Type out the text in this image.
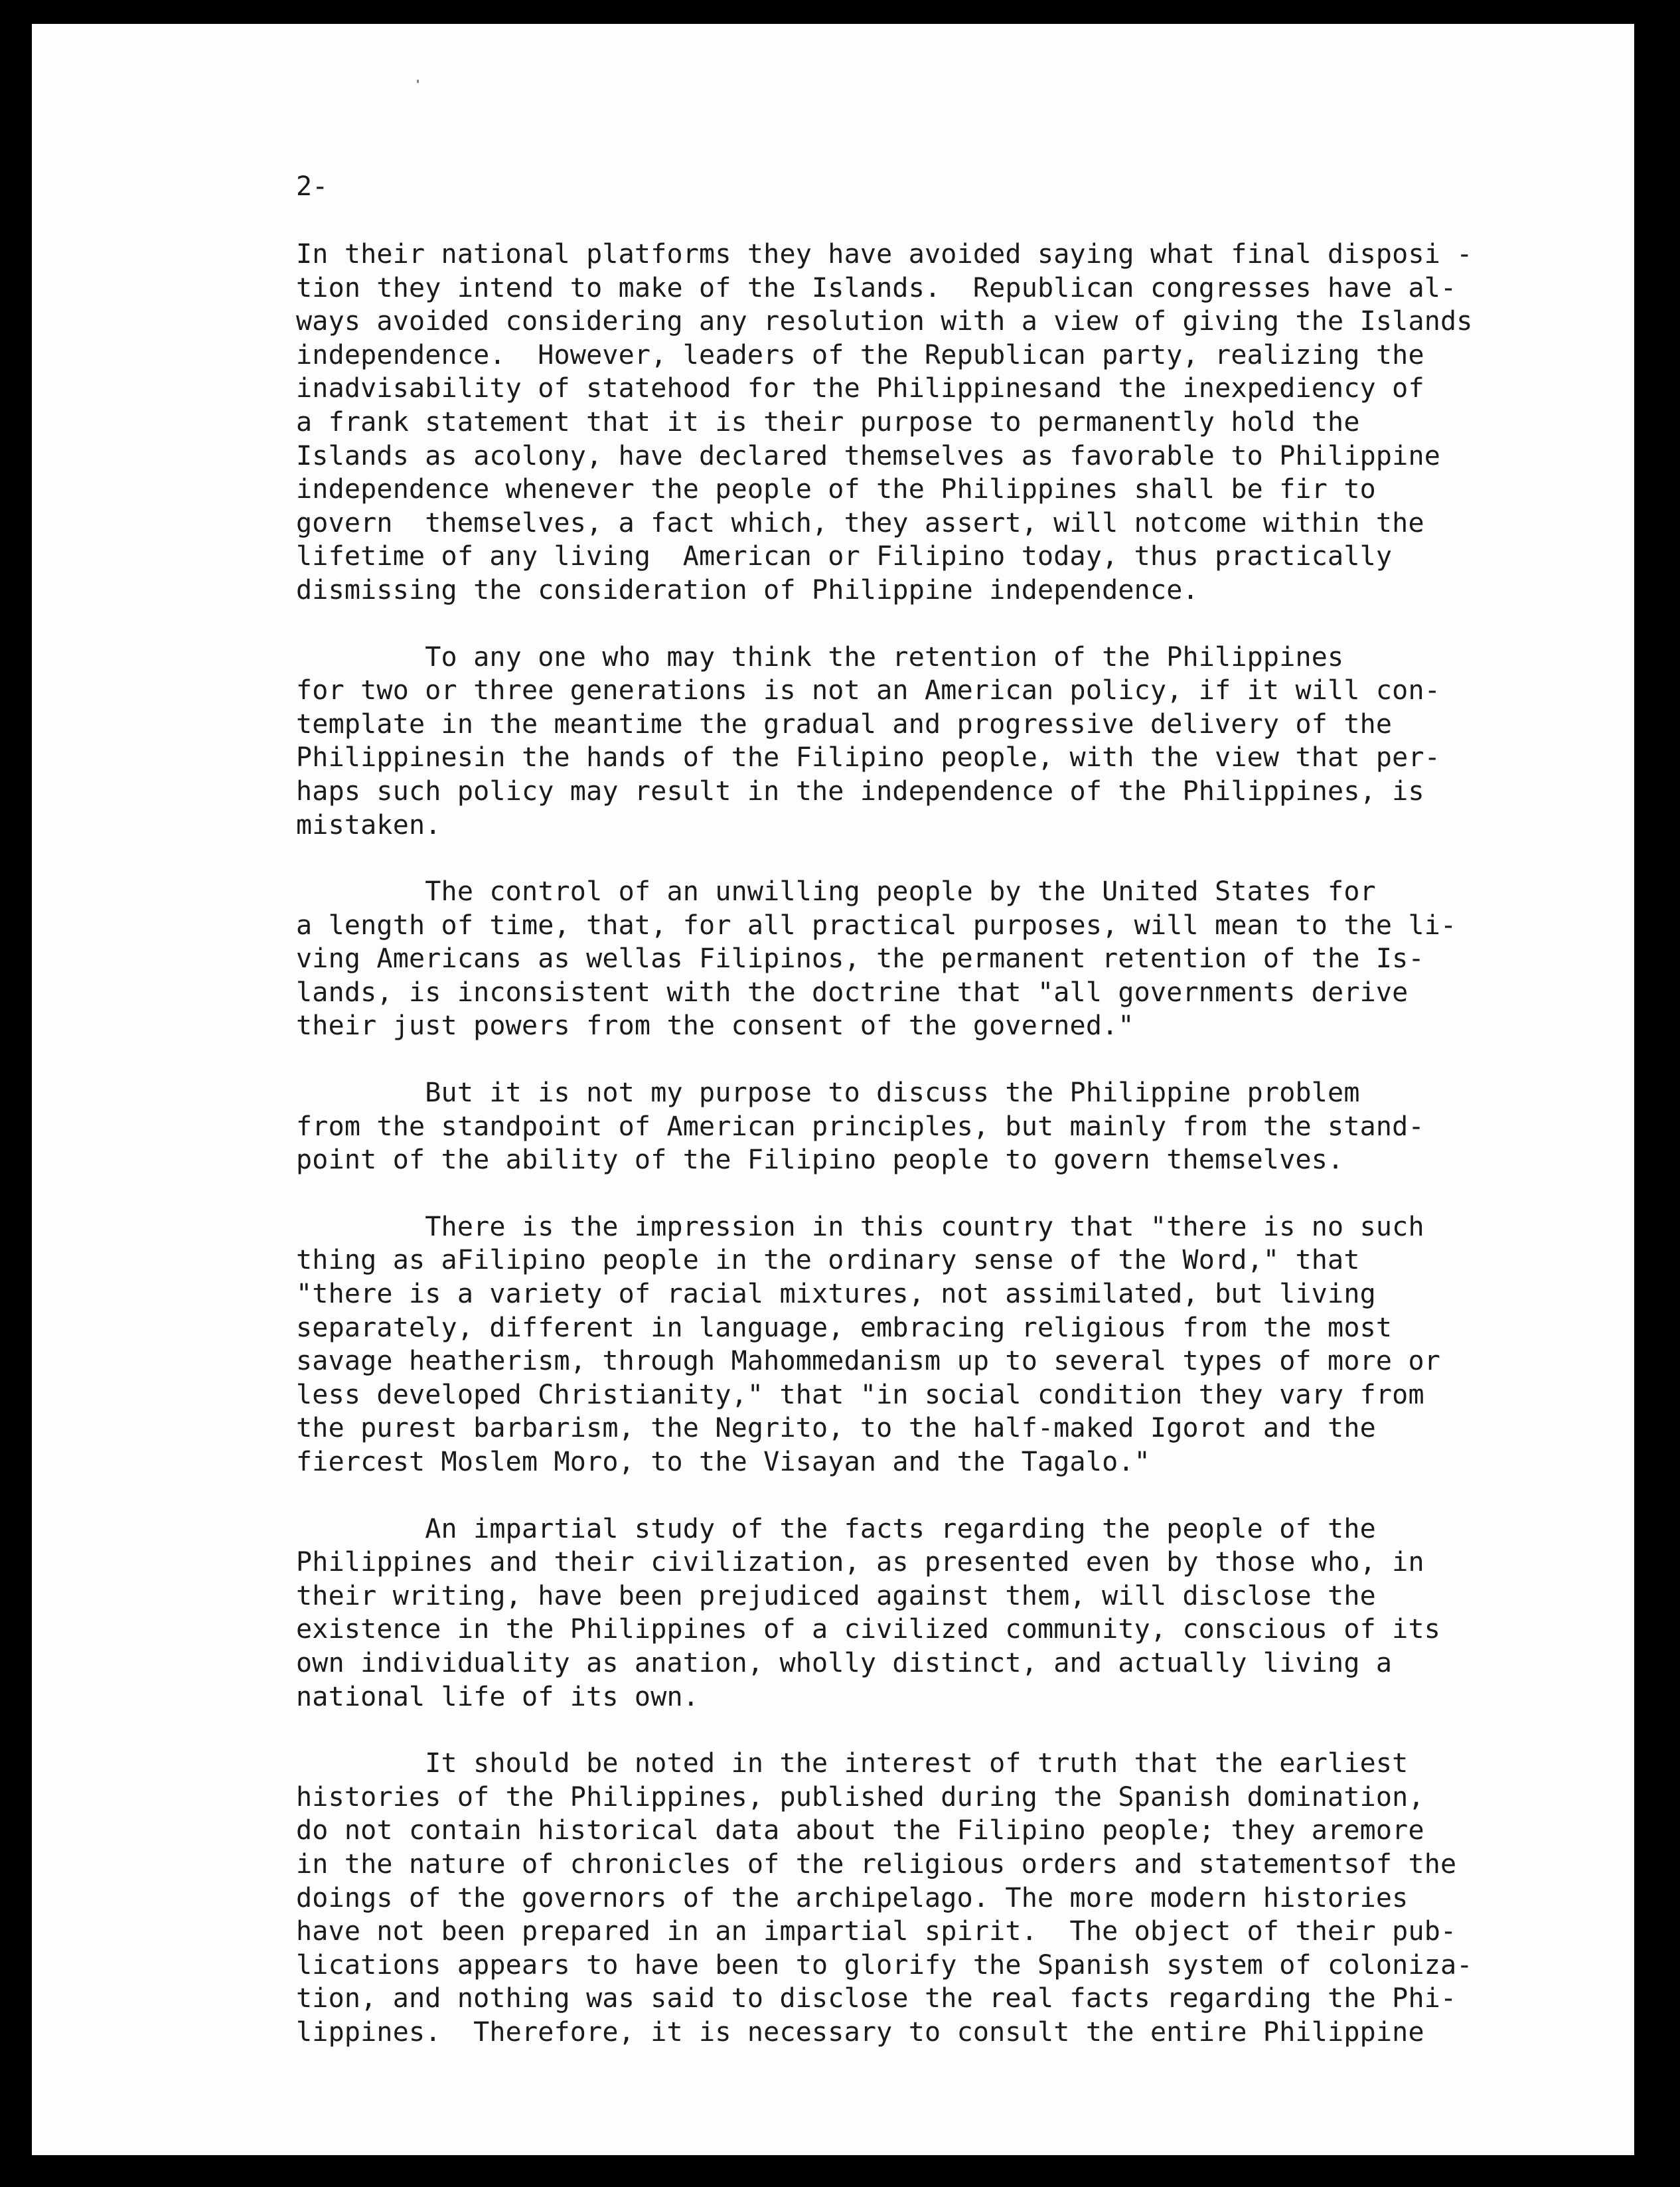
2-

In their national platforms they have avoided saying what final disposi -
tion they intend to make of the Islands.  Republican congresses have al-
ways avoided considering any resolution with a view of giving the Islands
independence.  However, leaders of the Republican party, realizing the
inadvisability of statehood for the Philippinesand the inexpediency of
a frank statement that it is their purpose to permanently hold the
Islands as acolony, have declared themselves as favorable to Philippine
independence whenever the people of the Philippines shall be fir to
govern  themselves, a fact which, they assert, will notcome within the
lifetime of any living  American or Filipino today, thus practically
dismissing the consideration of Philippine independence.

To any one who may think the retention of the Philippines
for two or three generations is not an American policy, if it will con-
template in the meantime the gradual and progressive delivery of the
Philippinesin the hands of the Filipino people, with the view that per-
haps such policy may result in the independence of the Philippines, is
mistaken.

The control of an unwilling people by the United States for
a length of time, that, for all practical purposes, will mean to the li-
ving Americans as wellas Filipinos, the permanent retention of the Is-
lands, is inconsistent with the doctrine that "all governments derive
their just powers from the consent of the governed."

But it is not my purpose to discuss the Philippine problem
from the standpoint of American principles, but mainly from the stand-
point of the ability of the Filipino people to govern themselves.

There is the impression in this country that "there is no such
thing as aFilipino people in the ordinary sense of the Word," that
"there is a variety of racial mixtures, not assimilated, but living
separately, different in language, embracing religious from the most
savage heatherism, through Mahommedanism up to several types of more or
less developed Christianity," that "in social condition they vary from
the purest barbarism, the Negrito, to the half-maked Igorot and the
fiercest Moslem Moro, to the Visayan and the Tagalo."

An impartial study of the facts regarding the people of the
Philippines and their civilization, as presented even by those who, in
their writing, have been prejudiced against them, will disclose the
existence in the Philippines of a civilized community, conscious of its
own individuality as anation, wholly distinct, and actually living a
national life of its own.

It should be noted in the interest of truth that the earliest
histories of the Philippines, published during the Spanish domination,
do not contain historical data about the Filipino people; they aremore
in the nature of chronicles of the religious orders and statementsof the
doings of the governors of the archipelago. The more modern histories
have not been prepared in an impartial spirit.  The object of their pub-
lications appears to have been to glorify the Spanish system of coloniza-
tion, and nothing was said to disclose the real facts regarding the Phi-
lippines.  Therefore, it is necessary to consult the entire Philippine
